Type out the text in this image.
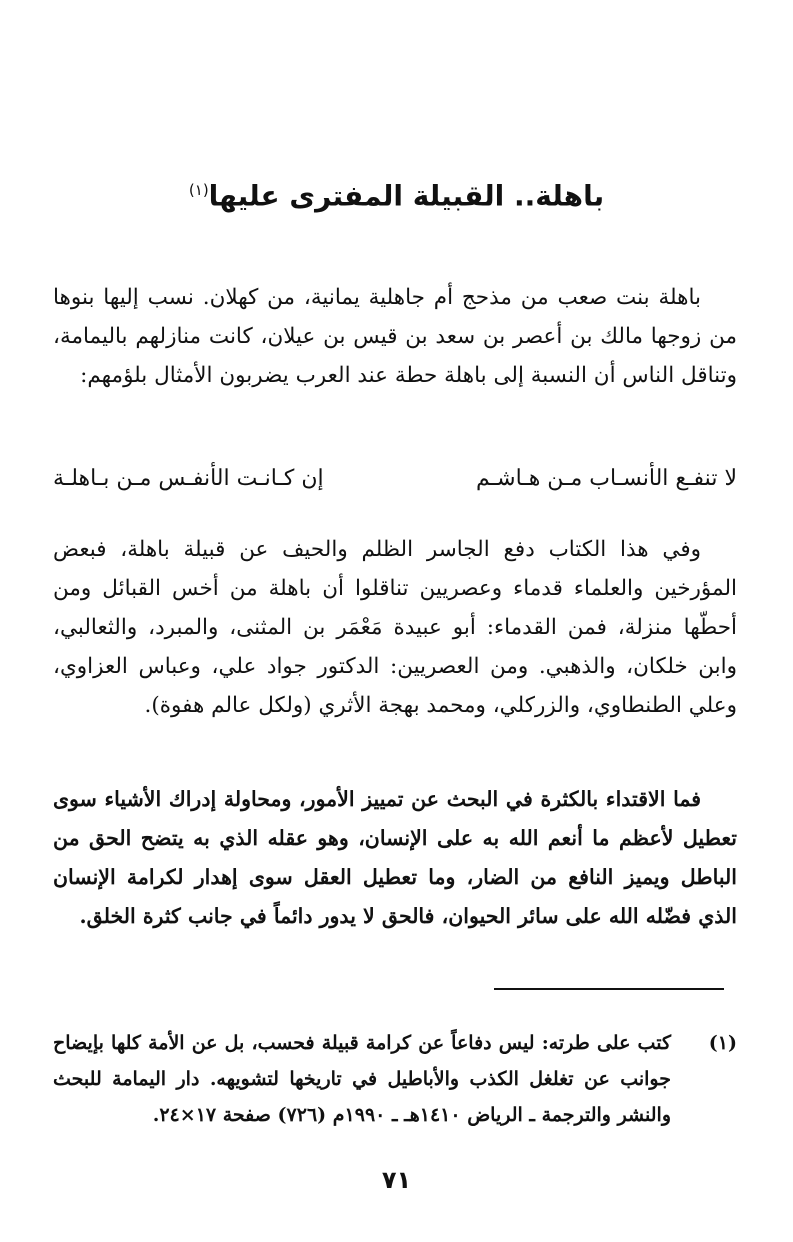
باهلة.. القبيلة المفترى عليها$^{(١)}$

باهلة بنت صعب من مذحج أم جاهلية يمانية، من كهلان. نسب إليها بنوها من زوجها مالك بن أعصر بن سعد بن قيس بن عيلان، كانت منازلهم باليمامة، وتناقل الناس أن النسبة إلى باهلة حطة عند العرب يضربون الأمثال بلؤمهم:

لا تنفـع الأنسـاب مـن هـاشـم
إن كـانـت الأنفـس مـن بـاهلـة

وفي هذا الكتاب دفع الجاسر الظلم والحيف عن قبيلة باهلة، فبعض المؤرخين والعلماء قدماء وعصريين تناقلوا أن باهلة من أخس القبائل ومن أحطّها منزلة، فمن القدماء: أبو عبيدة مَعْمَر بن المثنى، والمبرد، والثعالبي، وابن خلكان، والذهبي. ومن العصريين: الدكتور جواد علي، وعباس العزاوي، وعلي الطنطاوي، والزركلي، ومحمد بهجة الأثري (ولكل عالم هفوة).

فما الاقتداء بالكثرة في البحث عن تمييز الأمور، ومحاولة إدراك الأشياء سوى تعطيل لأعظم ما أنعم الله به على الإنسان، وهو عقله الذي به يتضح الحق من الباطل ويميز النافع من الضار، وما تعطيل العقل سوى إهدار لكرامة الإنسان الذي فضّله الله على سائر الحيوان، فالحق لا يدور دائماً في جانب كثرة الخلق.

(١)
كتب على طرته: ليس دفاعاً عن كرامة قبيلة فحسب، بل عن الأمة كلها بإيضاح جوانب عن تغلغل الكذب والأباطيل في تاريخها لتشويهه. دار اليمامة للبحث والنشر والترجمة ـ الرياض ١٤١٠هـ ـ ١٩٩٠م (٧٢٦) صفحة ١٧×٢٤.
٧١
